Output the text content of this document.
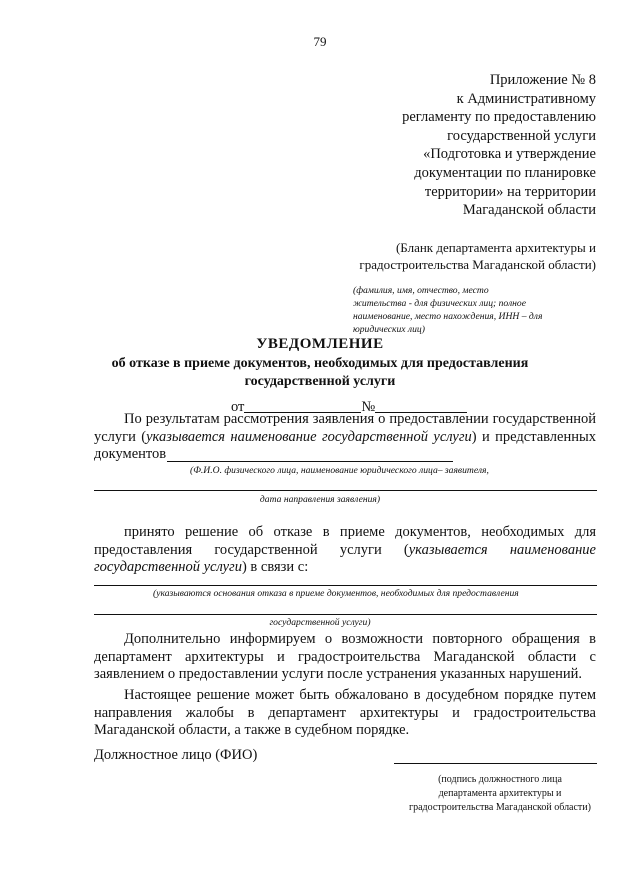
79
Приложение № 8
к Административному
регламенту по предоставлению
государственной услуги
«Подготовка и утверждение
документации по планировке
территории» на территории
Магаданской области
(Бланк департамента архитектуры и
градостроительства Магаданской области)
(фамилия, имя, отчество, место
жительства - для физических лиц; полное
наименование, место нахождения, ИНН – для
юридических лиц)
УВЕДОМЛЕНИЕ
об отказе в приеме документов, необходимых для предоставления
государственной услуги
от	№
По результатам рассмотрения заявления о предоставлении государственной
услуги (указывается наименование государственной услуги) и представленных
документов
(Ф.И.О. физического лица, наименование юридического лица– заявителя,
дата направления заявления)
принято решение об отказе в приеме документов, необходимых для
предоставления государственной услуги (указывается наименование
государственной услуги) в связи с:
(указываются основания отказа в приеме документов, необходимых для предоставления
государственной услуги)
Дополнительно информируем о возможности повторного обращения в департамент архитектуры и градостроительства Магаданской области с заявлением о предоставлении услуги после устранения указанных нарушений.
Настоящее решение может быть обжаловано в досудебном порядке путем направления жалобы в департамент архитектуры и градостроительства Магаданской области, а также в судебном порядке.
Должностное лицо (ФИО)
(подпись должностного лица
департамента архитектуры и
градостроительства Магаданской области)
